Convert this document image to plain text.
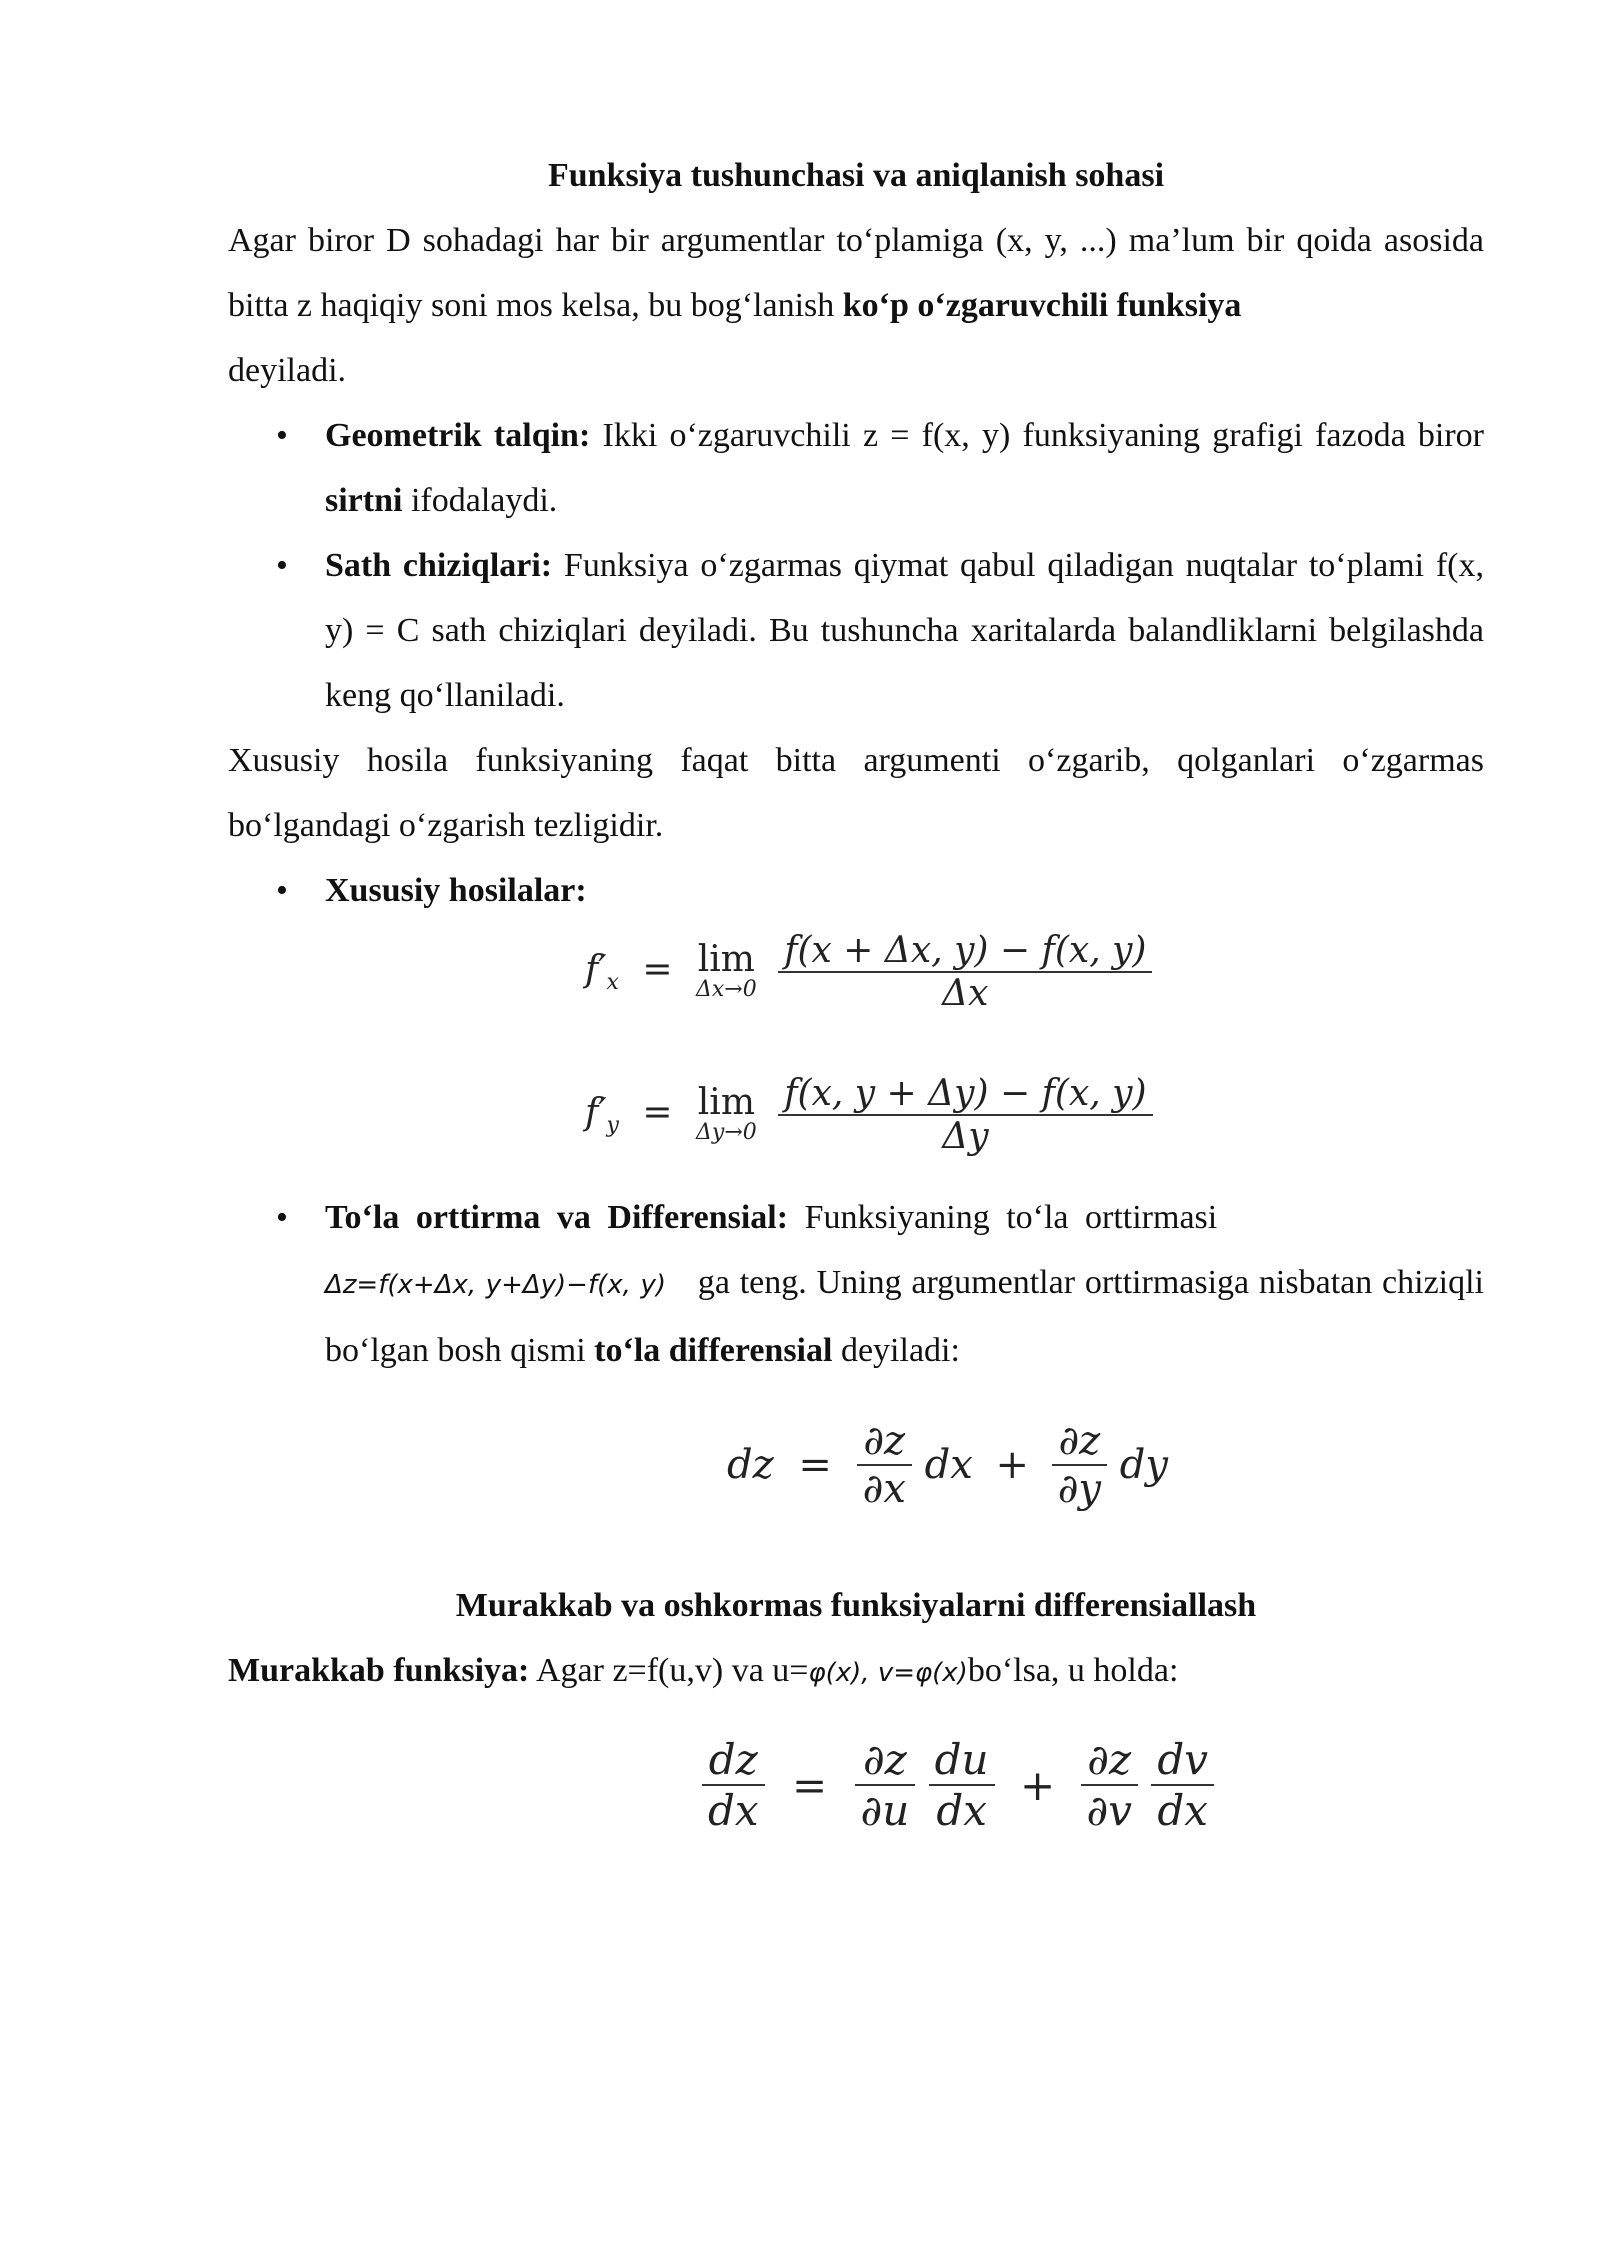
Funksiya tushunchasi va aniqlanish sohasi

Agar biror D sohadagi har bir argumentlar to‘plamiga (x, y, ...) ma’lum bir qoida asosida bitta z haqiqiy soni mos kelsa, bu bog‘lanish ko‘p o‘zgaruvchili funksiya

deyiladi.

• Geometrik talqin: Ikki o‘zgaruvchili z = f(x, y) funksiyaning grafigi fazoda biror sirtni ifodalaydi.

• Sath chiziqlari: Funksiya o‘zgarmas qiymat qabul qiladigan nuqtalar to‘plami f(x, y) = C sath chiziqlari deyiladi. Bu tushuncha xaritalarda balandliklarni belgilashda keng qo‘llaniladi.

Xususiy hosila funksiyaning faqat bitta argumenti o‘zgarib, qolganlari o‘zgarmas bo‘lgandagi o‘zgarish tezligidir.

• Xususiy hosilalar:

$f'_x = \lim$
Δx→0
$\frac{f(x + \Delta x, y) - f(x, y)}{\Delta x}$
$f'_y = \lim$
Δy→0
$\frac{f(x, y + \Delta y) - f(x, y)}{\Delta y}$
• To‘la orttirma va Differensial: Funksiyaning to‘la orttirmasi

Δz=f(x+Δx, y+Δy)−f(x, y) ga teng. Uning argumentlar orttirmasiga nisbatan chiziqli bo‘lgan bosh qismi to‘la differensial deyiladi:

dz = $\frac{\partial z}{\partial x}$ dx + $\frac{\partial z}{\partial y}$ dy
Murakkab va oshkormas funksiyalarni differensiallash

Murakkab funksiya: Agar z=f(u,v) va u=φ(x), v=φ(x)bo‘lsa, u holda:

$\frac{dz}{dx} = \frac{\partial z}{\partial u}$
$\frac{du}{dx} + \frac{\partial z}{\partial v}$
$\frac{dv}{dx}$
